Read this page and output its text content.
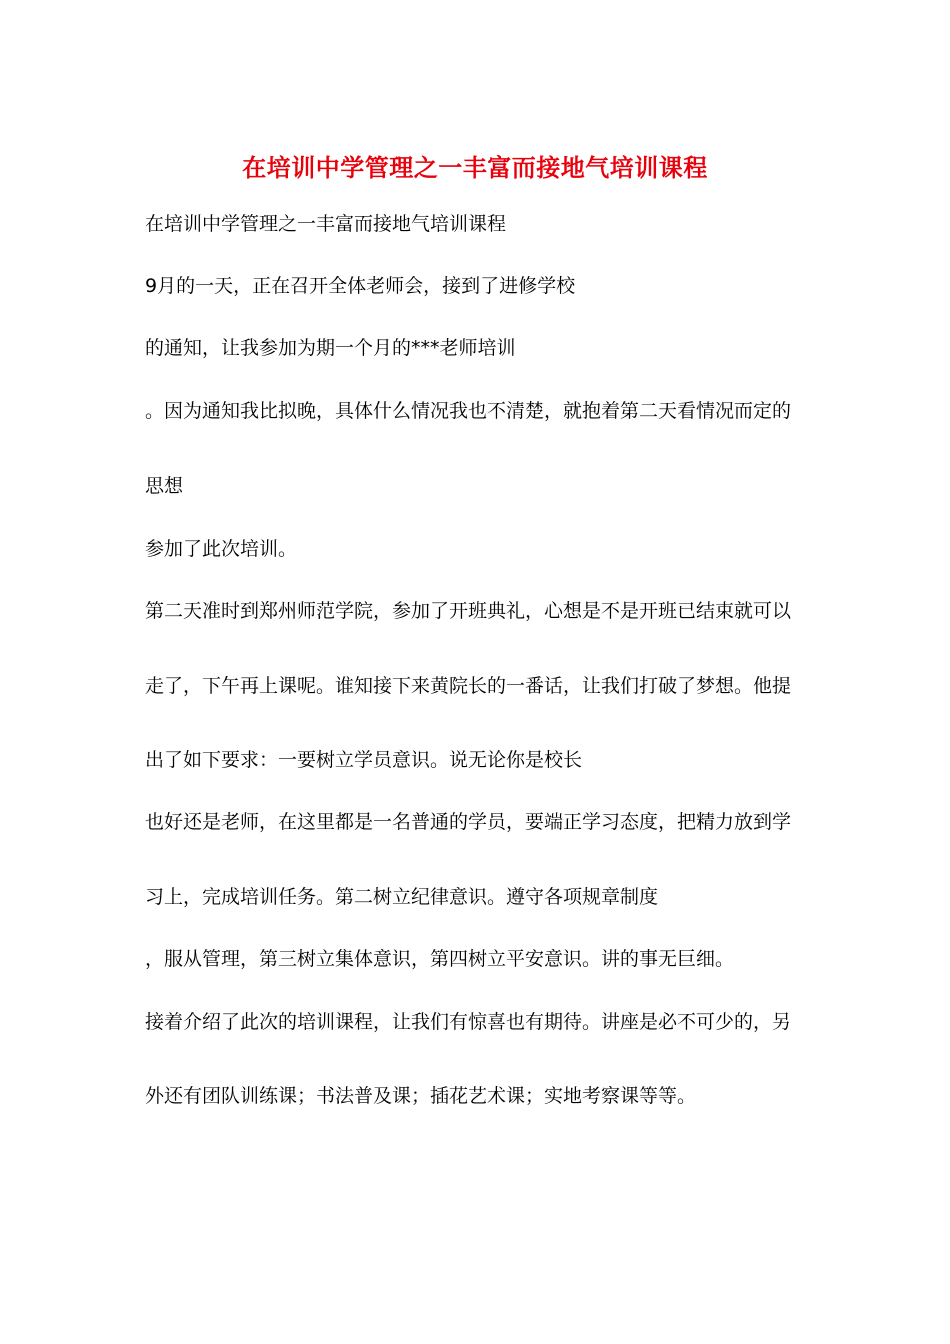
在培训中学管理之一丰富而接地气培训课程
在培训中学管理之一丰富而接地气培训课程
9月的一天，正在召开全体老师会，接到了进修学校
的通知，让我参加为期一个月的***老师培训
。因为通知我比拟晚，具体什么情况我也不清楚，就抱着第二天看情况而定的
思想
参加了此次培训。
第二天准时到郑州师范学院，参加了开班典礼，心想是不是开班已结束就可以
走了，下午再上课呢。谁知接下来黄院长的一番话，让我们打破了梦想。他提
出了如下要求：一要树立学员意识。说无论你是校长
也好还是老师，在这里都是一名普通的学员，要端正学习态度，把精力放到学
习上，完成培训任务。第二树立纪律意识。遵守各项规章制度
，服从管理，第三树立集体意识，第四树立平安意识。讲的事无巨细。
接着介绍了此次的培训课程，让我们有惊喜也有期待。讲座是必不可少的，另
外还有团队训练课；书法普及课；插花艺术课；实地考察课等等。
